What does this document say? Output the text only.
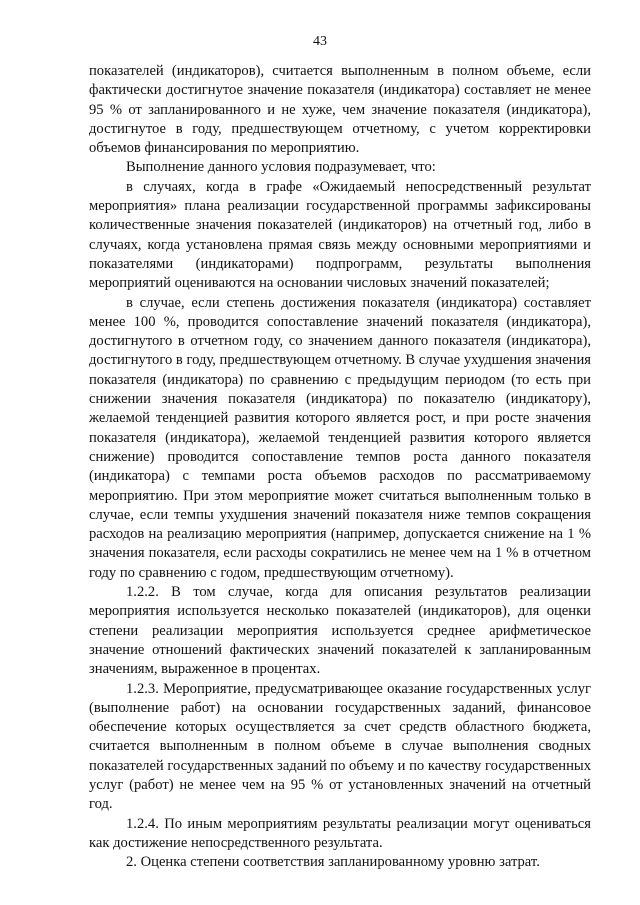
43

показателей (индикаторов), считается выполненным в полном объеме, если фактически достигнутое значение показателя (индикатора) составляет не менее 95 % от запланированного и не хуже, чем значение показателя (индикатора), достигнутое в году, предшествующем отчетному, с учетом корректировки объемов финансирования по мероприятию.

Выполнение данного условия подразумевает, что:

в случаях, когда в графе «Ожидаемый непосредственный результат мероприятия» плана реализации государственной программы зафиксированы количественные значения показателей (индикаторов) на отчетный год, либо в случаях, когда установлена прямая связь между основными мероприятиями и показателями (индикаторами) подпрограмм, результаты выполнения мероприятий оцениваются на основании числовых значений показателей;

в случае, если степень достижения показателя (индикатора) составляет менее 100 %, проводится сопоставление значений показателя (индикатора), достигнутого в отчетном году, со значением данного показателя (индикатора), достигнутого в году, предшествующем отчетному. В случае ухудшения значения показателя (индикатора) по сравнению с предыдущим периодом (то есть при снижении значения показателя (индикатора) по показателю (индикатору), желаемой тенденцией развития которого является рост, и при росте значения показателя (индикатора), желаемой тенденцией развития которого является снижение) проводится сопоставление темпов роста данного показателя (индикатора) с темпами роста объемов расходов по рассматриваемому мероприятию. При этом мероприятие может считаться выполненным только в случае, если темпы ухудшения значений показателя ниже темпов сокращения расходов на реализацию мероприятия (например, допускается снижение на 1 % значения показателя, если расходы сократились не менее чем на 1 % в отчетном году по сравнению с годом, предшествующим отчетному).

1.2.2. В том случае, когда для описания результатов реализации мероприятия используется несколько показателей (индикаторов), для оценки степени реализации мероприятия используется среднее арифметическое значение отношений фактических значений показателей к запланированным значениям, выраженное в процентах.

1.2.3. Мероприятие, предусматривающее оказание государственных услуг (выполнение работ) на основании государственных заданий, финансовое обеспечение которых осуществляется за счет средств областного бюджета, считается выполненным в полном объеме в случае выполнения сводных показателей государственных заданий по объему и по качеству государственных услуг (работ) не менее чем на 95 % от установленных значений на отчетный год.

1.2.4. По иным мероприятиям результаты реализации могут оцениваться как достижение непосредственного результата.

2. Оценка степени соответствия запланированному уровню затрат.
